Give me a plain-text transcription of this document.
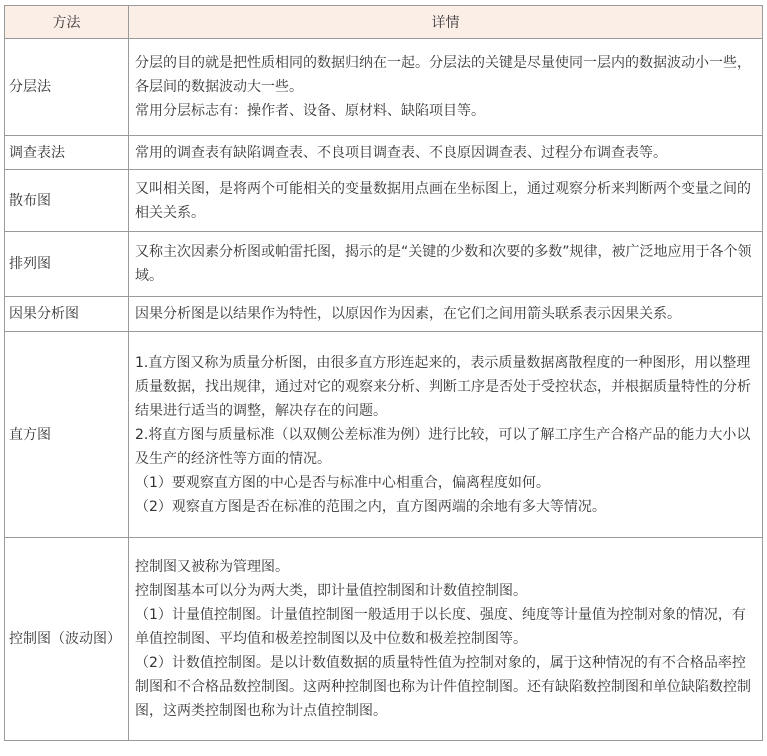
方法	详情
分层法	分层的目的就是把性质相同的数据归纳在一起。分层法的关键是尽量使同一层内的数据波动小一些，各层间的数据波动大一些。

常用分层标志有：操作者、设备、原材料、缺陷项目等。

调查表法	常用的调查表有缺陷调查表、不良项目调查表、不良原因调查表、过程分布调查表等。

散布图	又叫相关图，是将两个可能相关的变量数据用点画在坐标图上，通过观察分析来判断两个变量之间的相关关系。

排列图	又称主次因素分析图或帕雷托图，揭示的是“关键的少数和次要的多数”规律，被广泛地应用于各个领域。

因果分析图	因果分析图是以结果作为特性，以原因作为因素，在它们之间用箭头联系表示因果关系。

直方图	1.直方图又称为质量分析图，由很多直方形连起来的，表示质量数据离散程度的一种图形，用以整理质量数据，找出规律，通过对它的观察来分析、判断工序是否处于受控状态，并根据质量特性的分析结果进行适当的调整，解决存在的问题。

2.将直方图与质量标准（以双侧公差标准为例）进行比较，可以了解工序生产合格产品的能力大小以及生产的经济性等方面的情况。

（1）要观察直方图的中心是否与标准中心相重合，偏离程度如何。

（2）观察直方图是否在标准的范围之内，直方图两端的余地有多大等情况。

控制图（波动图）	控制图又被称为管理图。

控制图基本可以分为两大类，即计量值控制图和计数值控制图。

（1）计量值控制图。计量值控制图一般适用于以长度、强度、纯度等计量值为控制对象的情况，有单值控制图、平均值和极差控制图以及中位数和极差控制图等。

（2）计数值控制图。是以计数值数据的质量特性值为控制对象的，属于这种情况的有不合格品率控制图和不合格品数控制图。这两种控制图也称为计件值控制图。还有缺陷数控制图和单位缺陷数控制图，这两类控制图也称为计点值控制图。
